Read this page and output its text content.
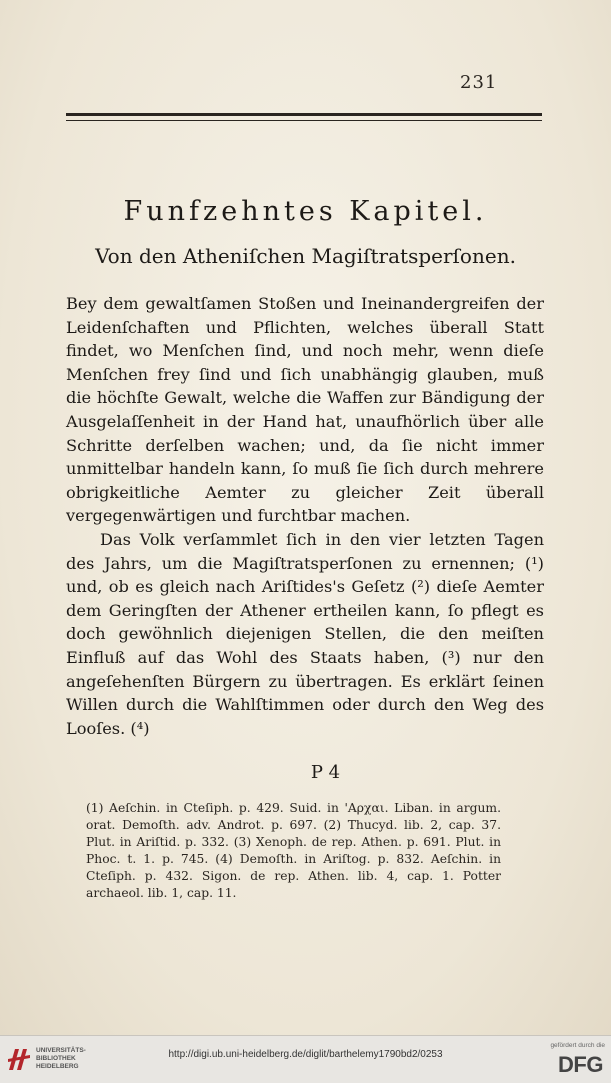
231
Funfzehntes Kapitel.
Von den Atheniſchen Magiſtratsperſonen.

Bey dem gewaltſamen Stoßen und Ineinandergreifen der Leidenſchaften und Pflichten, welches überall Statt findet, wo Menſchen ſind, und noch mehr, wenn dieſe Menſchen frey ſind und ſich unabhängig glauben, muß die höchſte Gewalt, welche die Waffen zur Bändigung der Ausgelaſſenheit in der Hand hat, unaufhörlich über alle Schritte derſelben wachen; und, da ſie nicht immer unmittelbar handeln kann, ſo muß ſie ſich durch mehrere obrigkeitliche Aemter zu gleicher Zeit überall vergegenwärtigen und furchtbar machen.

Das Volk verſammlet ſich in den vier letzten Tagen des Jahrs, um die Magiſtratsperſonen zu ernennen; (¹) und, ob es gleich nach Ariſtides's Geſetz (²) dieſe Aemter dem Geringſten der Athener ertheilen kann, ſo pflegt es doch gewöhnlich diejenigen Stellen, die den meiſten Einfluß auf das Wohl des Staats haben, (³) nur den angeſehenſten Bürgern zu übertragen. Es erklärt ſeinen Willen durch die Wahlſtimmen oder durch den Weg des Looſes. (⁴)

P 4

(1) Aeſchin. in Cteſiph. p. 429. Suid. in 'Aρχαι. Liban. in argum. orat. Demoſth. adv. Androt. p. 697. (2) Thucyd. lib. 2, cap. 37. Plut. in Ariſtid. p. 332. (3) Xenoph. de rep. Athen. p. 691. Plut. in Phoc. t. 1. p. 745. (4) Demoſth. in Ariſtog. p. 832. Aeſchin. in Cteſiph. p. 432. Sigon. de rep. Athen. lib. 4, cap. 1. Potter archaeol. lib. 1, cap. 11.

UNIVERSITÄTS-
BIBLIOTHEK
HEIDELBERG
http://digi.ub.uni-heidelberg.de/diglit/barthelemy1790bd2/0253
gefördert durch die
DFG
